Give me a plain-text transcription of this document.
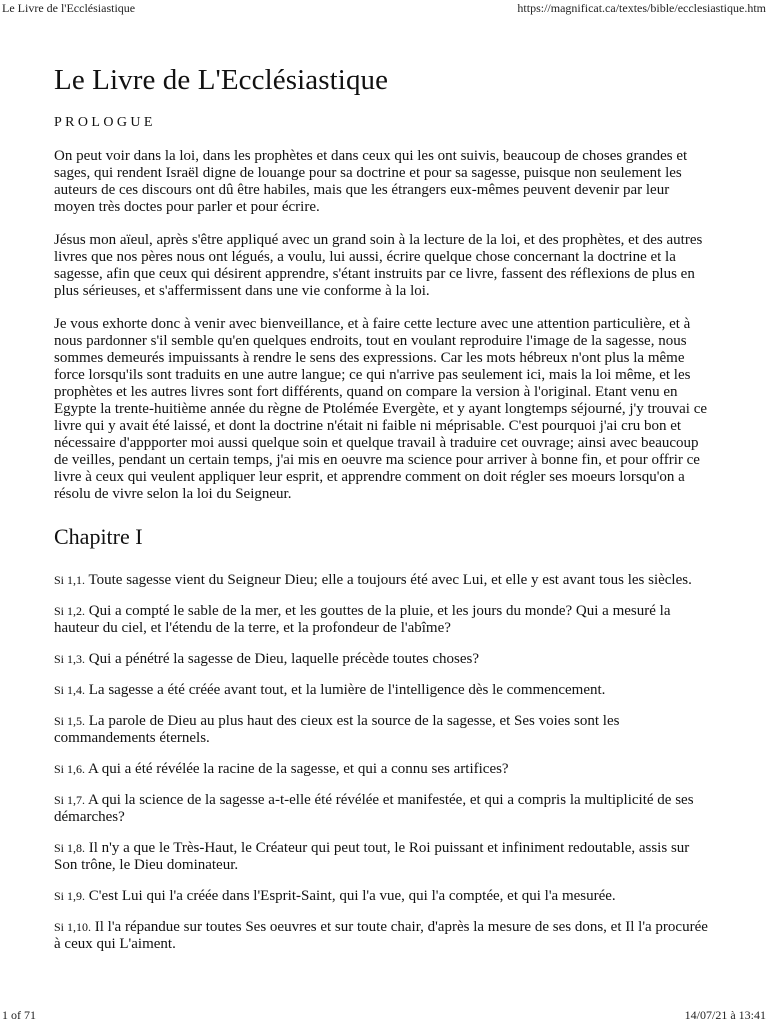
Le Livre de l'Ecclésiastique	https://magnificat.ca/textes/bible/ecclesiastique.htm
Le Livre de L'Ecclésiastique
PROLOGUE

On peut voir dans la loi, dans les prophètes et dans ceux qui les ont suivis, beaucoup de choses grandes et sages, qui rendent Israël digne de louange pour sa doctrine et pour sa sagesse, puisque non seulement les auteurs de ces discours ont dû être habiles, mais que les étrangers eux-mêmes peuvent devenir par leur moyen très doctes pour parler et pour écrire.

Jésus mon aïeul, après s'être appliqué avec un grand soin à la lecture de la loi, et des prophètes, et des autres livres que nos pères nous ont légués, a voulu, lui aussi, écrire quelque chose concernant la doctrine et la sagesse, afin que ceux qui désirent apprendre, s'étant instruits par ce livre, fassent des réflexions de plus en plus sérieuses, et s'affermissent dans une vie conforme à la loi.

Je vous exhorte donc à venir avec bienveillance, et à faire cette lecture avec une attention particulière, et à nous pardonner s'il semble qu'en quelques endroits, tout en voulant reproduire l'image de la sagesse, nous sommes demeurés impuissants à rendre le sens des expressions. Car les mots hébreux n'ont plus la même force lorsqu'ils sont traduits en une autre langue; ce qui n'arrive pas seulement ici, mais la loi même, et les prophètes et les autres livres sont fort différents, quand on compare la version à l'original. Etant venu en Egypte la trente-huitième année du règne de Ptolémée Evergète, et y ayant longtemps séjourné, j'y trouvai ce livre qui y avait été laissé, et dont la doctrine n'était ni faible ni méprisable. C'est pourquoi j'ai cru bon et nécessaire d'appporter moi aussi quelque soin et quelque travail à traduire cet ouvrage; ainsi avec beaucoup de veilles, pendant un certain temps, j'ai mis en oeuvre ma science pour arriver à bonne fin, et pour offrir ce livre à ceux qui veulent appliquer leur esprit, et apprendre comment on doit régler ses moeurs lorsqu'on a résolu de vivre selon la loi du Seigneur.

Chapitre I

Si 1,1. Toute sagesse vient du Seigneur Dieu; elle a toujours été avec Lui, et elle y est avant tous les siècles.

Si 1,2. Qui a compté le sable de la mer, et les gouttes de la pluie, et les jours du monde? Qui a mesuré la hauteur du ciel, et l'étendu de la terre, et la profondeur de l'abîme?

Si 1,3. Qui a pénétré la sagesse de Dieu, laquelle précède toutes choses?

Si 1,4. La sagesse a été créée avant tout, et la lumière de l'intelligence dès le commencement.

Si 1,5. La parole de Dieu au plus haut des cieux est la source de la sagesse, et Ses voies sont les commandements éternels.

Si 1,6. A qui a été révélée la racine de la sagesse, et qui a connu ses artifices?

Si 1,7. A qui la science de la sagesse a-t-elle été révélée et manifestée, et qui a compris la multiplicité de ses démarches?

Si 1,8. Il n'y a que le Très-Haut, le Créateur qui peut tout, le Roi puissant et infiniment redoutable, assis sur Son trône, le Dieu dominateur.

Si 1,9. C'est Lui qui l'a créée dans l'Esprit-Saint, qui l'a vue, qui l'a comptée, et qui l'a mesurée.

Si 1,10. Il l'a répandue sur toutes Ses oeuvres et sur toute chair, d'après la mesure de ses dons, et Il l'a procurée à ceux qui L'aiment.

1 of 71	14/07/21 à 13:41
